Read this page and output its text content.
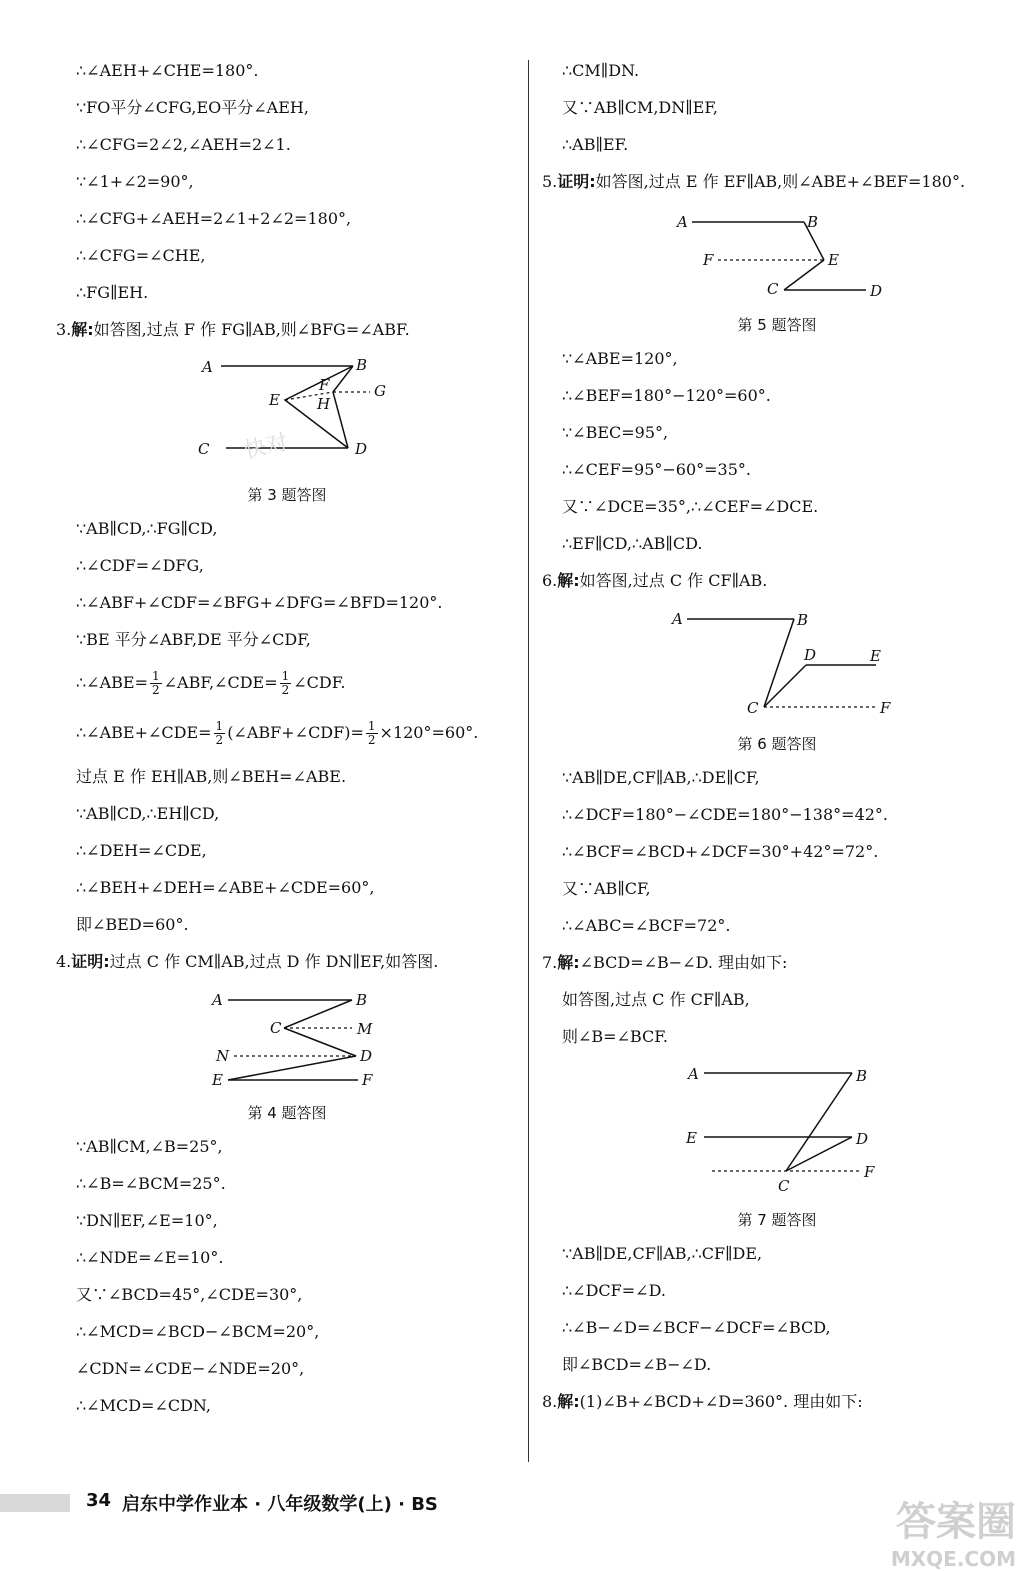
∴∠AEH+∠CHE=180°.
∵FO平分∠CFG,EO平分∠AEH,
∴∠CFG=2∠2,∠AEH=2∠1.
∵∠1+∠2=90°,
∴∠CFG+∠AEH=2∠1+2∠2=180°,
∴∠CFG=∠CHE,
∴FG∥EH.
3.解:如答图,过点 F 作 FG∥AB,则∠BFG=∠ABF.
A	B
E
F
H
G
C	D
快对
第 3 题答图
∵AB∥CD,∴FG∥CD,
∴∠CDF=∠DFG,
∴∠ABF+∠CDF=∠BFG+∠DFG=∠BFD=120°.
∵BE 平分∠ABF,DE 平分∠CDF,
∴∠ABE= $\frac{1}{2}$ ∠ABF,∠CDE= $\frac{1}{2}$ ∠CDF.
∴∠ABE+∠CDE= $\frac{1}{2}$ (∠ABF+∠CDF)= $\frac{1}{2} \times 120^\circ=60^\circ$.
过点 E 作 EH∥AB,则∠BEH=∠ABE.
∵AB∥CD,∴EH∥CD,
∴∠DEH=∠CDE,
∴∠BEH+∠DEH=∠ABE+∠CDE=60°,
即∠BED=60°.
4.证明:过点 C 作 CM∥AB,过点 D 作 DN∥EF,如答图.
A	B
C	M
N	D
E	F
第 4 题答图
∵AB∥CM,∠B=25°,
∴∠B=∠BCM=25°.
∵DN∥EF,∠E=10°,
∴∠NDE=∠E=10°.
又∵∠BCD=45°,∠CDE=30°,
∴∠MCD=∠BCD−∠BCM=20°,
∠CDN=∠CDE−∠NDE=20°,
∴∠MCD=∠CDN,
∴CM∥DN.
又∵AB∥CM,DN∥EF,
∴AB∥EF.
5.证明:如答图,过点 E 作 EF∥AB,则∠ABE+∠BEF=180°.
A	B
F	E
C	D
第 5 题答图
∵∠ABE=120°,
∴∠BEF=180°−120°=60°.
∵∠BEC=95°,
∴∠CEF=95°−60°=35°.
又∵∠DCE=35°,∴∠CEF=∠DCE.
∴EF∥CD,∴AB∥CD.
6.解:如答图,过点 C 作 CF∥AB.
A	B
D	E
C	F
第 6 题答图
∵AB∥DE,CF∥AB,∴DE∥CF,
∴∠DCF=180°−∠CDE=180°−138°=42°.
∴∠BCF=∠BCD+∠DCF=30°+42°=72°.
又∵AB∥CF,
∴∠ABC=∠BCF=72°.
7.解:∠BCD=∠B−∠D. 理由如下:
如答图,过点 C 作 CF∥AB,
则∠B=∠BCF.
A	B
E	D
C
F
第 7 题答图
∵AB∥DE,CF∥AB,∴CF∥DE,
∴∠DCF=∠D.
∴∠B−∠D=∠BCF−∠DCF=∠BCD,
即∠BCD=∠B−∠D.
8.解:(1)∠B+∠BCD+∠D=360°. 理由如下:
34 启东中学作业本 · 八年级数学(上) · BS	答案圈
MXQE.COM
